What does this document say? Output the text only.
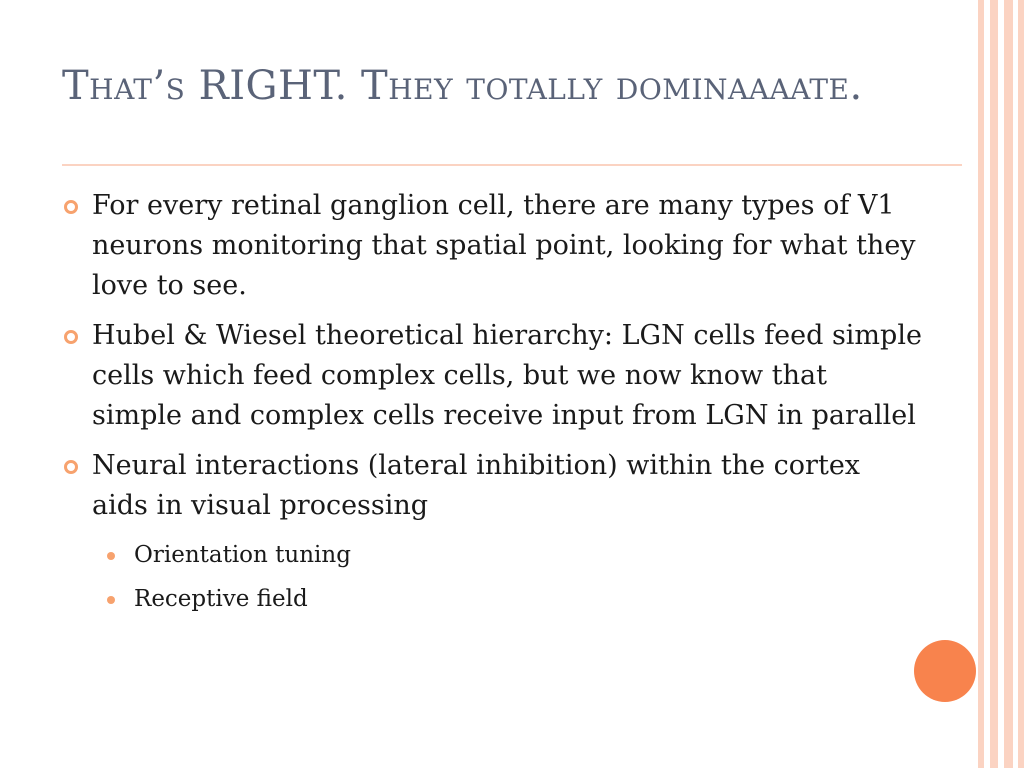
That’s RIGHT. They totally dominaaaate.

For every retinal ganglion cell, there are many types of V1 neurons monitoring that spatial point, looking for what they love to see.

Hubel & Wiesel theoretical hierarchy: LGN cells feed simple cells which feed complex cells, but we now know that simple and complex cells receive input from LGN in parallel

Neural interactions (lateral inhibition) within the cortex aids in visual processing

Orientation tuning

Receptive field
